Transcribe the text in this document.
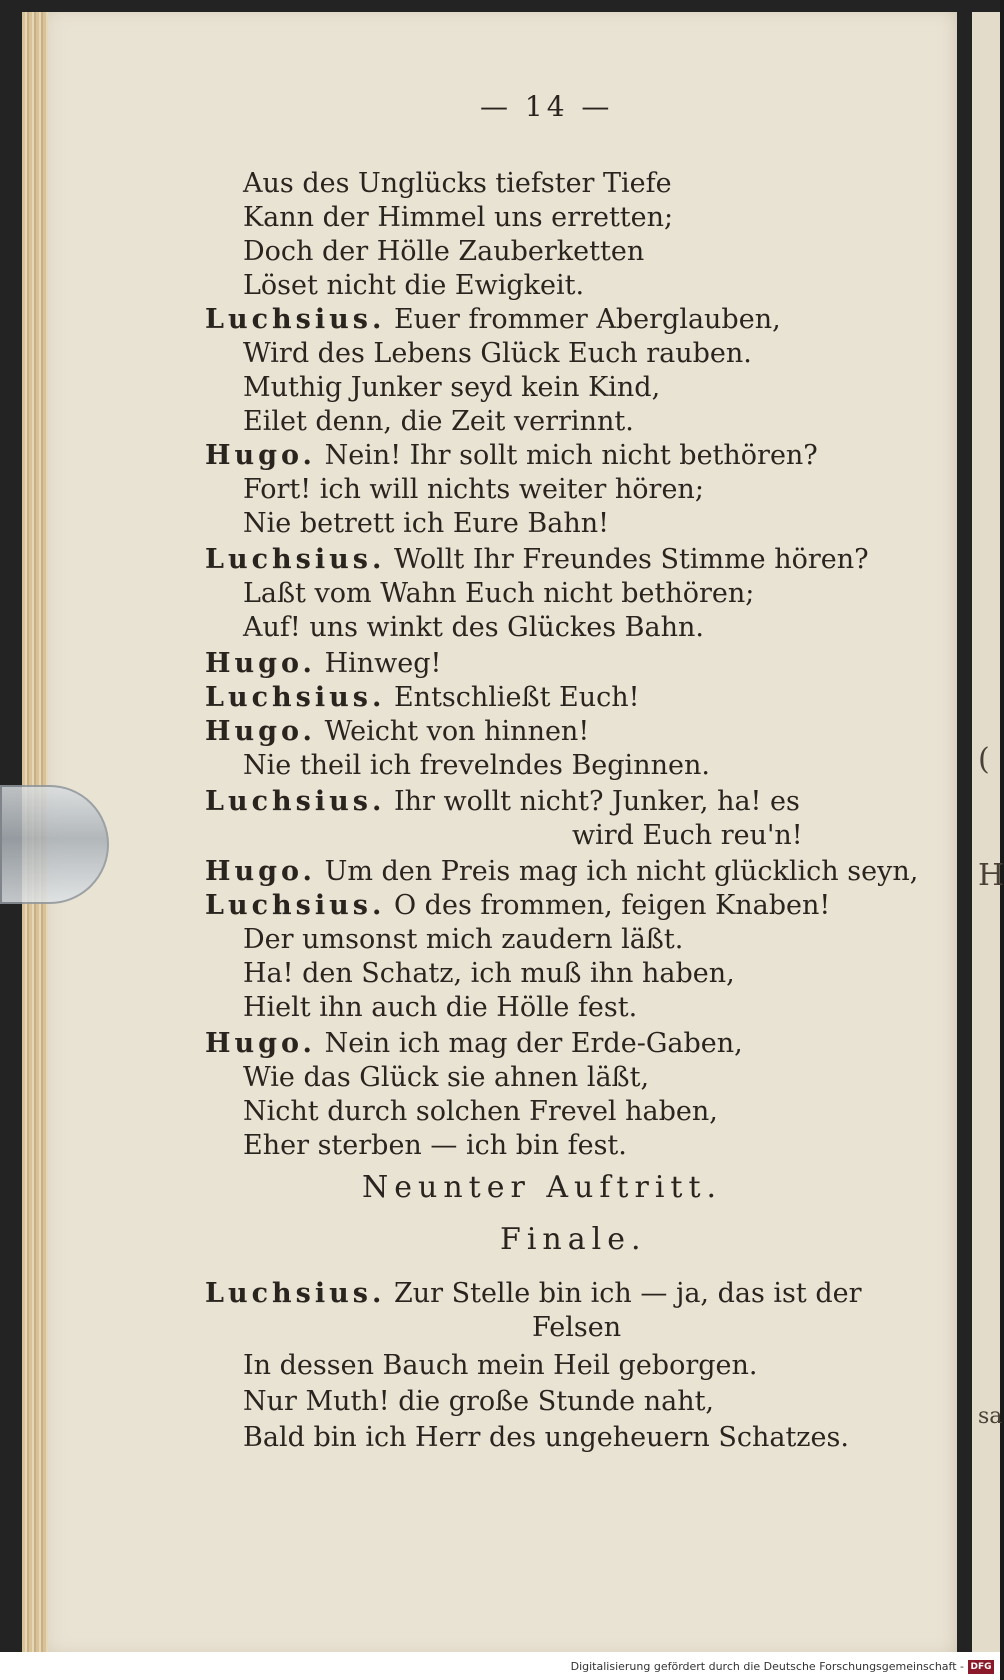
(
H
sa
— 14 —
Aus des Unglücks tiefster Tiefe
Kann der Himmel uns erretten;
Doch der Hölle Zauberketten
Löset nicht die Ewigkeit.
Luchsius. Euer frommer Aberglauben,
Wird des Lebens Glück Euch rauben.
Muthig Junker seyd kein Kind,
Eilet denn, die Zeit verrinnt.
Hugo. Nein! Ihr sollt mich nicht bethören?
Fort! ich will nichts weiter hören;
Nie betrett ich Eure Bahn!
Luchsius. Wollt Ihr Freundes Stimme hören?
Laßt vom Wahn Euch nicht bethören;
Auf! uns winkt des Glückes Bahn.
Hugo. Hinweg!
Luchsius. Entschließt Euch!
Hugo. Weicht von hinnen!
Nie theil ich frevelndes Beginnen.
Luchsius. Ihr wollt nicht? Junker, ha! es
wird Euch reu'n!
Hugo. Um den Preis mag ich nicht glücklich seyn,
Luchsius. O des frommen, feigen Knaben!
Der umsonst mich zaudern läßt.
Ha! den Schatz, ich muß ihn haben,
Hielt ihn auch die Hölle fest.
Hugo. Nein ich mag der Erde-Gaben,
Wie das Glück sie ahnen läßt,
Nicht durch solchen Frevel haben,
Eher sterben — ich bin fest.
Neunter Auftritt.
Finale.
Luchsius. Zur Stelle bin ich — ja, das ist der
Felsen
In dessen Bauch mein Heil geborgen.
Nur Muth! die große Stunde naht,
Bald bin ich Herr des ungeheuern Schatzes.
Digitalisierung gefördert durch die Deutsche Forschungsgemeinschaft - DFG
